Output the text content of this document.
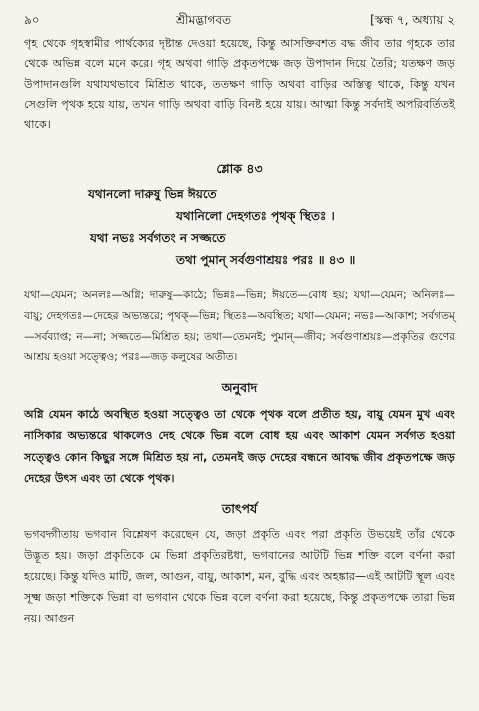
৯০	শ্রীমদ্ভাগবত	[স্কন্ধ ৭, অধ্যায় ২

গৃহ থেকে গৃহস্বামীর পার্থক্যের দৃষ্টান্ত দেওয়া হয়েছে, কিন্তু আসক্তিবশত বদ্ধ জীব তার গৃহকে তার থেকে অভিন্ন বলে মনে করে। গৃহ অথবা গাড়ি প্রকৃতপক্ষে জড় উপাদান দিয়ে তৈরি; যতক্ষণ জড় উপাদানগুলি যথাযথভাবে মিশ্রিত থাকে, ততক্ষণ গাড়ি অথবা বাড়ির অস্তিত্ব থাকে, কিন্তু যখন সেগুলি পৃথক হয়ে যায়, তখন গাড়ি অথবা বাড়ি বিনষ্ট হয়ে যায়। আত্মা কিন্তু সর্বদাই অপরিবর্তিতই থাকে।

শ্লোক ৪৩
যথানলো দারুষু ভিন্ন ঈয়তে
যথানিলো দেহগতঃ পৃথক্ স্থিতঃ ।
যথা নভঃ সর্বগতং ন সজ্জতে
তথা পুমান্ সর্বগুণাশ্রয়ঃ পরঃ ॥ ৪৩ ॥

যথা—যেমন; অনলঃ—অগ্নি; দারুষু—কাঠে; ভিন্নঃ—ভিন্ন; ঈয়তে—বোধ হয়; যথা—যেমন; অনিলঃ—বায়ু; দেহগতঃ—দেহের অভ্যন্তরে; পৃথক্—ভিন্ন; স্থিতঃ—অবস্থিত; যথা—যেমন; নভঃ—আকাশ; সর্বগতম্—সর্বব্যাপ্ত; ন—না; সজ্জতে—মিশ্রিত হয়; তথা—তেমনই; পুমান্—জীব; সর্বগুণাশ্রয়ঃ—প্রকৃতির গুণের আশ্রয় হওয়া সত্ত্বেও; পরঃ—জড় কলুষের অতীত।

অনুবাদ

অগ্নি যেমন কাঠে অবস্থিত হওয়া সত্ত্বেও তা থেকে পৃথক বলে প্রতীত হয়, বায়ু যেমন মুখ এবং নাসিকার অভ্যন্তরে থাকলেও দেহ থেকে ভিন্ন বলে বোধ হয় এবং আকাশ যেমন সর্বগত হওয়া সত্ত্বেও কোন কিছুর সঙ্গে মিশ্রিত হয় না, তেমনই জড় দেহের বন্ধনে আবদ্ধ জীব প্রকৃতপক্ষে জড় দেহের উৎস এবং তা থেকে পৃথক।

তাৎপর্য

ভগবদ্গীতায় ভগবান বিশ্লেষণ করেছেন যে, জড়া প্রকৃতি এবং পরা প্রকৃতি উভয়েই তাঁর থেকে উদ্ভূত হয়। জড়া প্রকৃতিকে মে ভিন্না প্রকৃতিরষ্টধা, ভগবানের আটটি ভিন্ন শক্তি বলে বর্ণনা করা হয়েছে। কিন্তু যদিও মাটি, জল, আগুন, বায়ু, আকাশ, মন, বুদ্ধি এবং অহঙ্কার—এই আটটি স্থূল এবং সূক্ষ্ম জড়া শক্তিকে ভিন্না বা ভগবান থেকে ভিন্ন বলে বর্ণনা করা হয়েছে, কিন্তু প্রকৃতপক্ষে তারা ভিন্ন নয়। আগুন
